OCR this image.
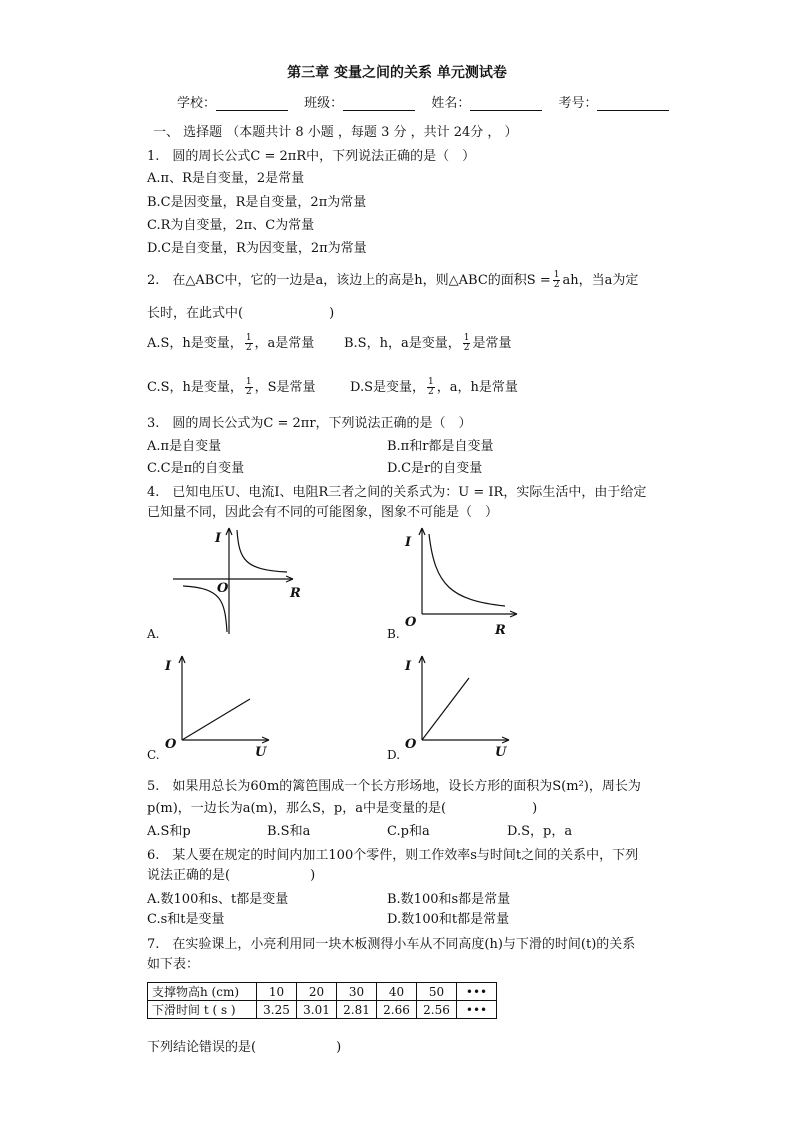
第三章 变量之间的关系 单元测试卷
学校：	班级：	姓名：	考号：
一、 选择题 （本题共计 8 小题 ，每题 3 分 ，共计 24分 ， ）
1.　圆的周长公式C = 2πR中，下列说法正确的是（　）
A.π、R是自变量，2是常量
B.C是因变量，R是自变量，2π为常量
C.R为自变量，2π、C为常量
D.C是自变量，R为因变量，2π为常量
2.　在△ABC中，它的一边是a，该边上的高是h，则△ABC的面积$S = \frac{1}{2}$ ah，当a为定
长时，在此式中(	)
A.S，h是变量， $\frac{1}{2}$ ，a是常量 B.S，h，a是变量， $\frac{1}{2}$ 是常量
C.S，h是变量， $\frac{1}{2}$ ，S是常量	D.S是变量， $\frac{1}{2}$ ，a，h是常量
3.　圆的周长公式为C = 2πr，下列说法正确的是（　）
A.π是自变量	B.π和r都是自变量
C.C是π的自变量	D.C是r的自变量
4.　已知电压U、电流I、电阻R三者之间的关系式为：U = IR，实际生活中，由于给定
已知量不同，因此会有不同的可能图象，图象不可能是（　）
I
R
O
A.
I
R
O
B.
I
U
O
C.
I
U
O
D.
5.　如果用总长为60m的篱笆围成一个长方形场地，设长方形的面积为S(m²)，周长为
p(m)，一边长为a(m)，那么S，p，a中是变量的是(	)
A.S和p	B.S和a	C.p和a	D.S，p，a
6.　某人要在规定的时间内加工100个零件，则工作效率s与时间t之间的关系中，下列
说法正确的是(	)
A.数100和s、t都是变量	B.数100和s都是常量
C.s和t是变量	D.数100和t都是常量
7.　在实验课上，小亮利用同一块木板测得小车从不同高度(h)与下滑的时间(t)的关系
如下表：
支撑物高h (cm)	10	20	30	40	50	•••
下滑时间 t ( s )	3.25	3.01	2.81	2.66	2.56	•••
下列结论错误的是(	)
